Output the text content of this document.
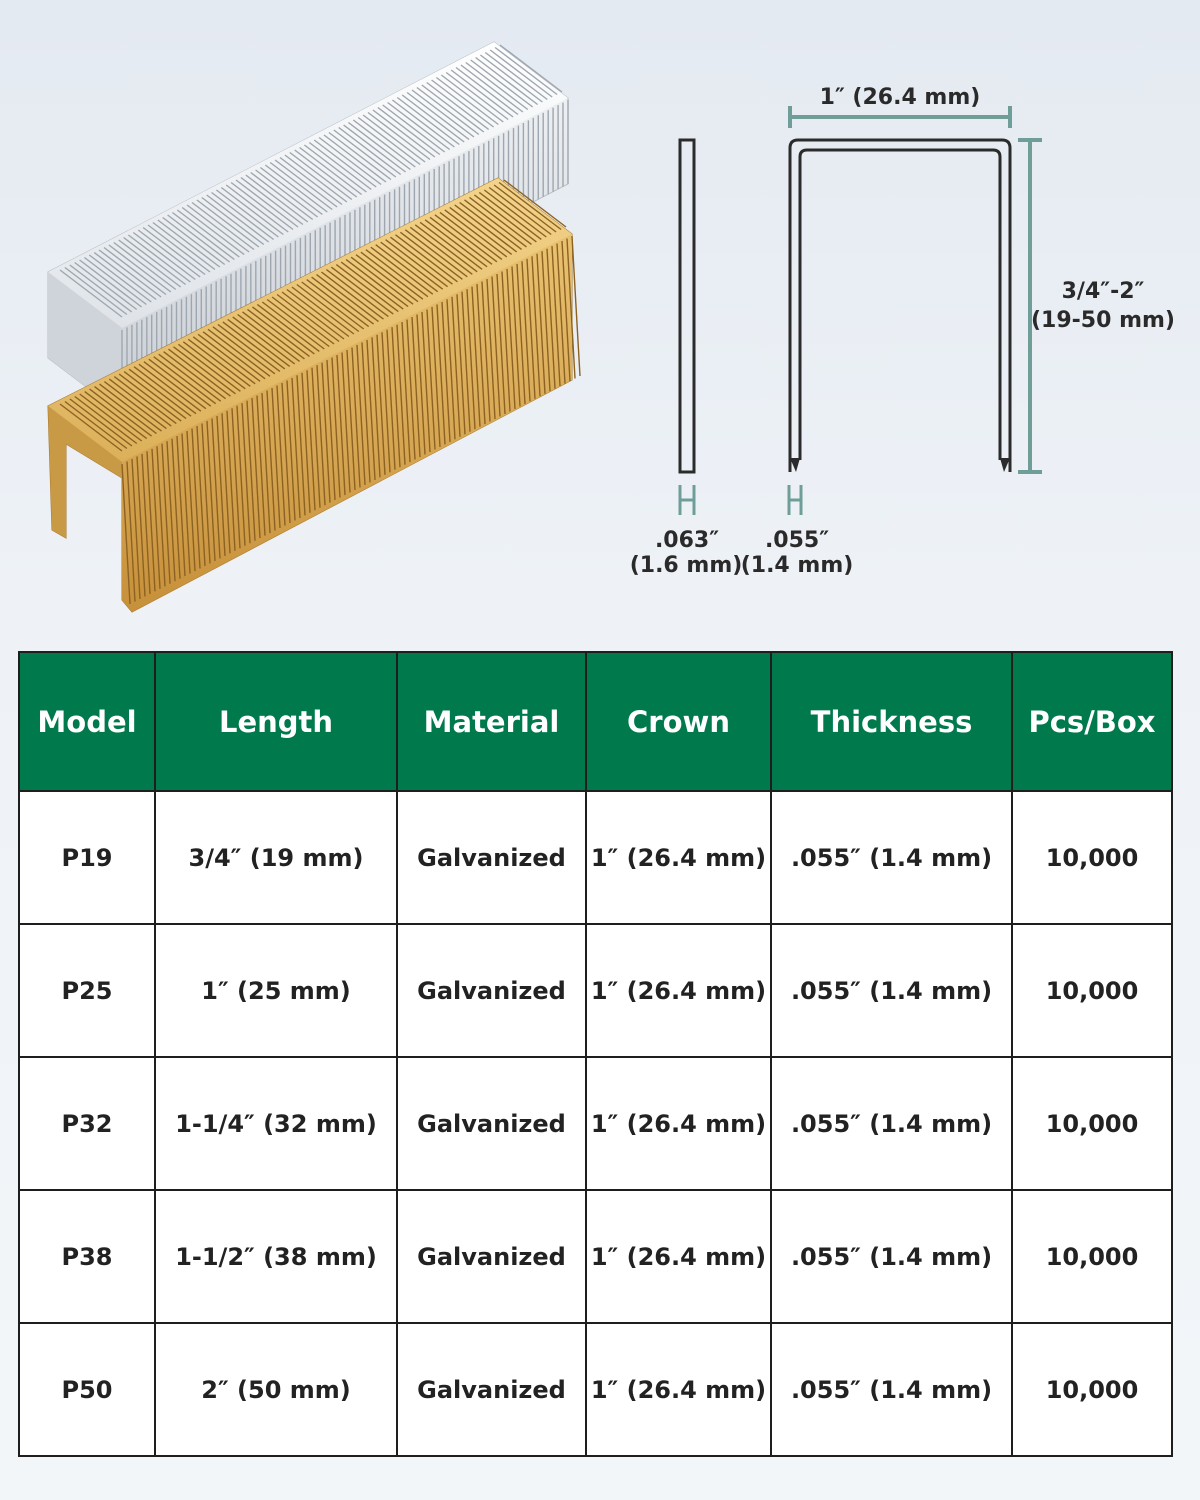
1″ (26.4 mm)
3/4″-2″
(19-50 mm)
.063″
(1.6 mm)
.055″
(1.4 mm)
Model	Length	Material	Crown	Thickness	Pcs/Box
P19	3/4″ (19 mm)	Galvanized	1″ (26.4 mm)	.055″ (1.4 mm)	10,000
P25	1″ (25 mm)	Galvanized	1″ (26.4 mm)	.055″ (1.4 mm)	10,000
P32	1-1/4″ (32 mm)	Galvanized	1″ (26.4 mm)	.055″ (1.4 mm)	10,000
P38	1-1/2″ (38 mm)	Galvanized	1″ (26.4 mm)	.055″ (1.4 mm)	10,000
P50	2″ (50 mm)	Galvanized	1″ (26.4 mm)	.055″ (1.4 mm)	10,000
